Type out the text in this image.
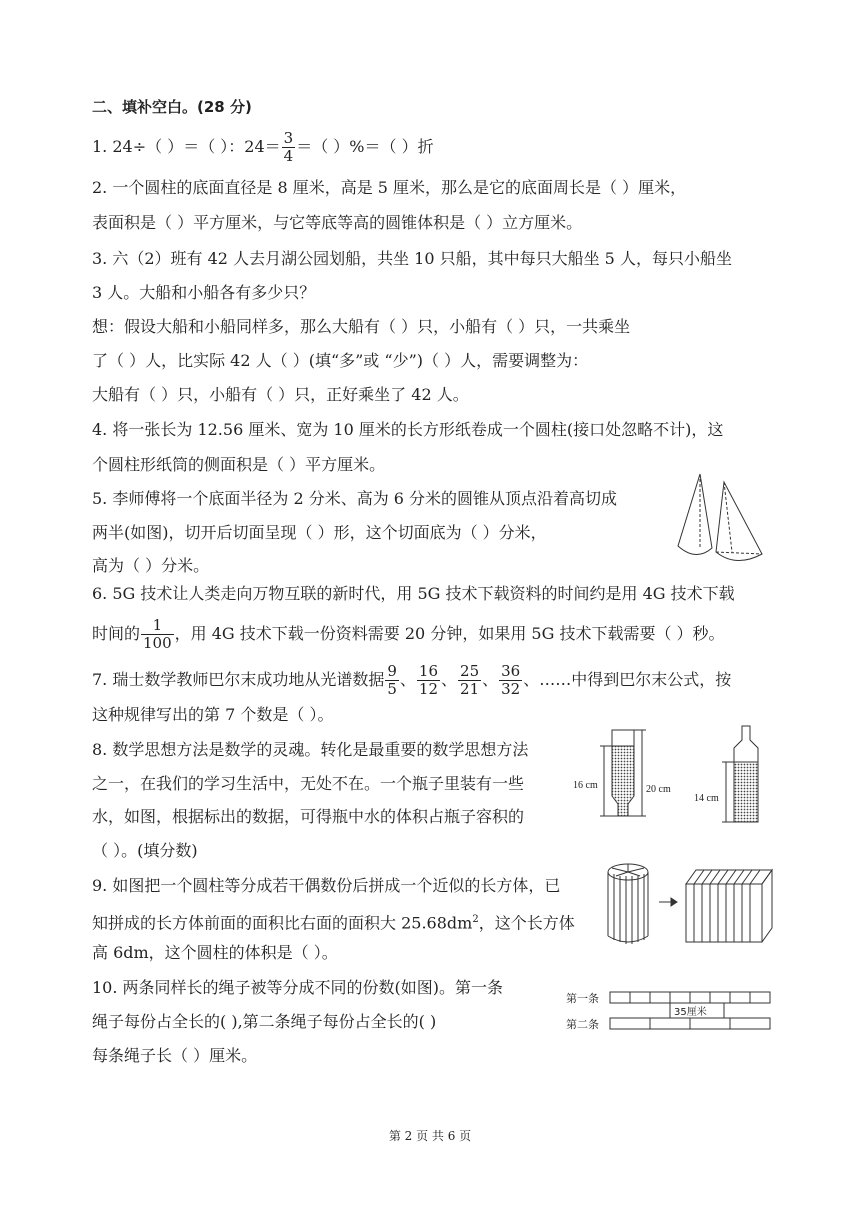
二、填补空白。(28 分)
1. 24÷（ ）＝（ ）：$24= \frac{3}{4}$ ＝（ ）%＝（ ）折
2. 一个圆柱的底面直径是 8 厘米，高是 5 厘米，那么是它的底面周长是（ ）厘米，
表面积是（ ）平方厘米，与它等底等高的圆锥体积是（ ）立方厘米。
3. 六（2）班有 42 人去月湖公园划船，共坐 10 只船，其中每只大船坐 5 人，每只小船坐
3 人。大船和小船各有多少只？
想：假设大船和小船同样多，那么大船有（ ）只，小船有（ ）只，一共乘坐
了（ ）人，比实际 42 人（ ）(填“多”或 “少”)（ ）人，需要调整为：
大船有（ ）只，小船有（ ）只，正好乘坐了 42 人。
4. 将一张长为 12.56 厘米、宽为 10 厘米的长方形纸卷成一个圆柱(接口处忽略不计)，这
个圆柱形纸筒的侧面积是（ ）平方厘米。
5. 李师傅将一个底面半径为 2 分米、高为 6 分米的圆锥从顶点沿着高切成
两半(如图)，切开后切面呈现（ ）形，这个切面底为（ ）分米，
高为（ ）分米。
6. 5G 技术让人类走向万物互联的新时代，用 5G 技术下载资料的时间约是用 4G 技术下载
时间的 $\frac{1}{100}$ ，用 4G 技术下载一份资料需要 20 分钟，如果用 5G 技术下载需要（ ）秒。
7. 瑞士数学教师巴尔末成功地从光谱数据 $\frac{9}{5}$ 、 $\frac{16}{12}$ 、 $\frac{25}{21}$ 、 $\frac{36}{32}$ 、……中得到巴尔末公式，按
这种规律写出的第 7 个数是（ ）。
8. 数学思想方法是数学的灵魂。转化是最重要的数学思想方法
之一，在我们的学习生活中，无处不在。一个瓶子里装有一些
水，如图，根据标出的数据，可得瓶中水的体积占瓶子容积的
（ ）。(填分数)
16 cm	20 cm
14 cm
9. 如图把一个圆柱等分成若干偶数份后拼成一个近似的长方体，已
知拼成的长方体前面的面积比右面的面积大 $25.68dm^2$，这个长方体
高 6dm，这个圆柱的体积是（ ）。
10. 两条同样长的绳子被等分成不同的份数(如图)。第一条
绳子每份占全长的( ),第二条绳子每份占全长的( )
每条绳子长（ ）厘米。
第一条
第二条
35厘米
第 2 页 共 6 页
